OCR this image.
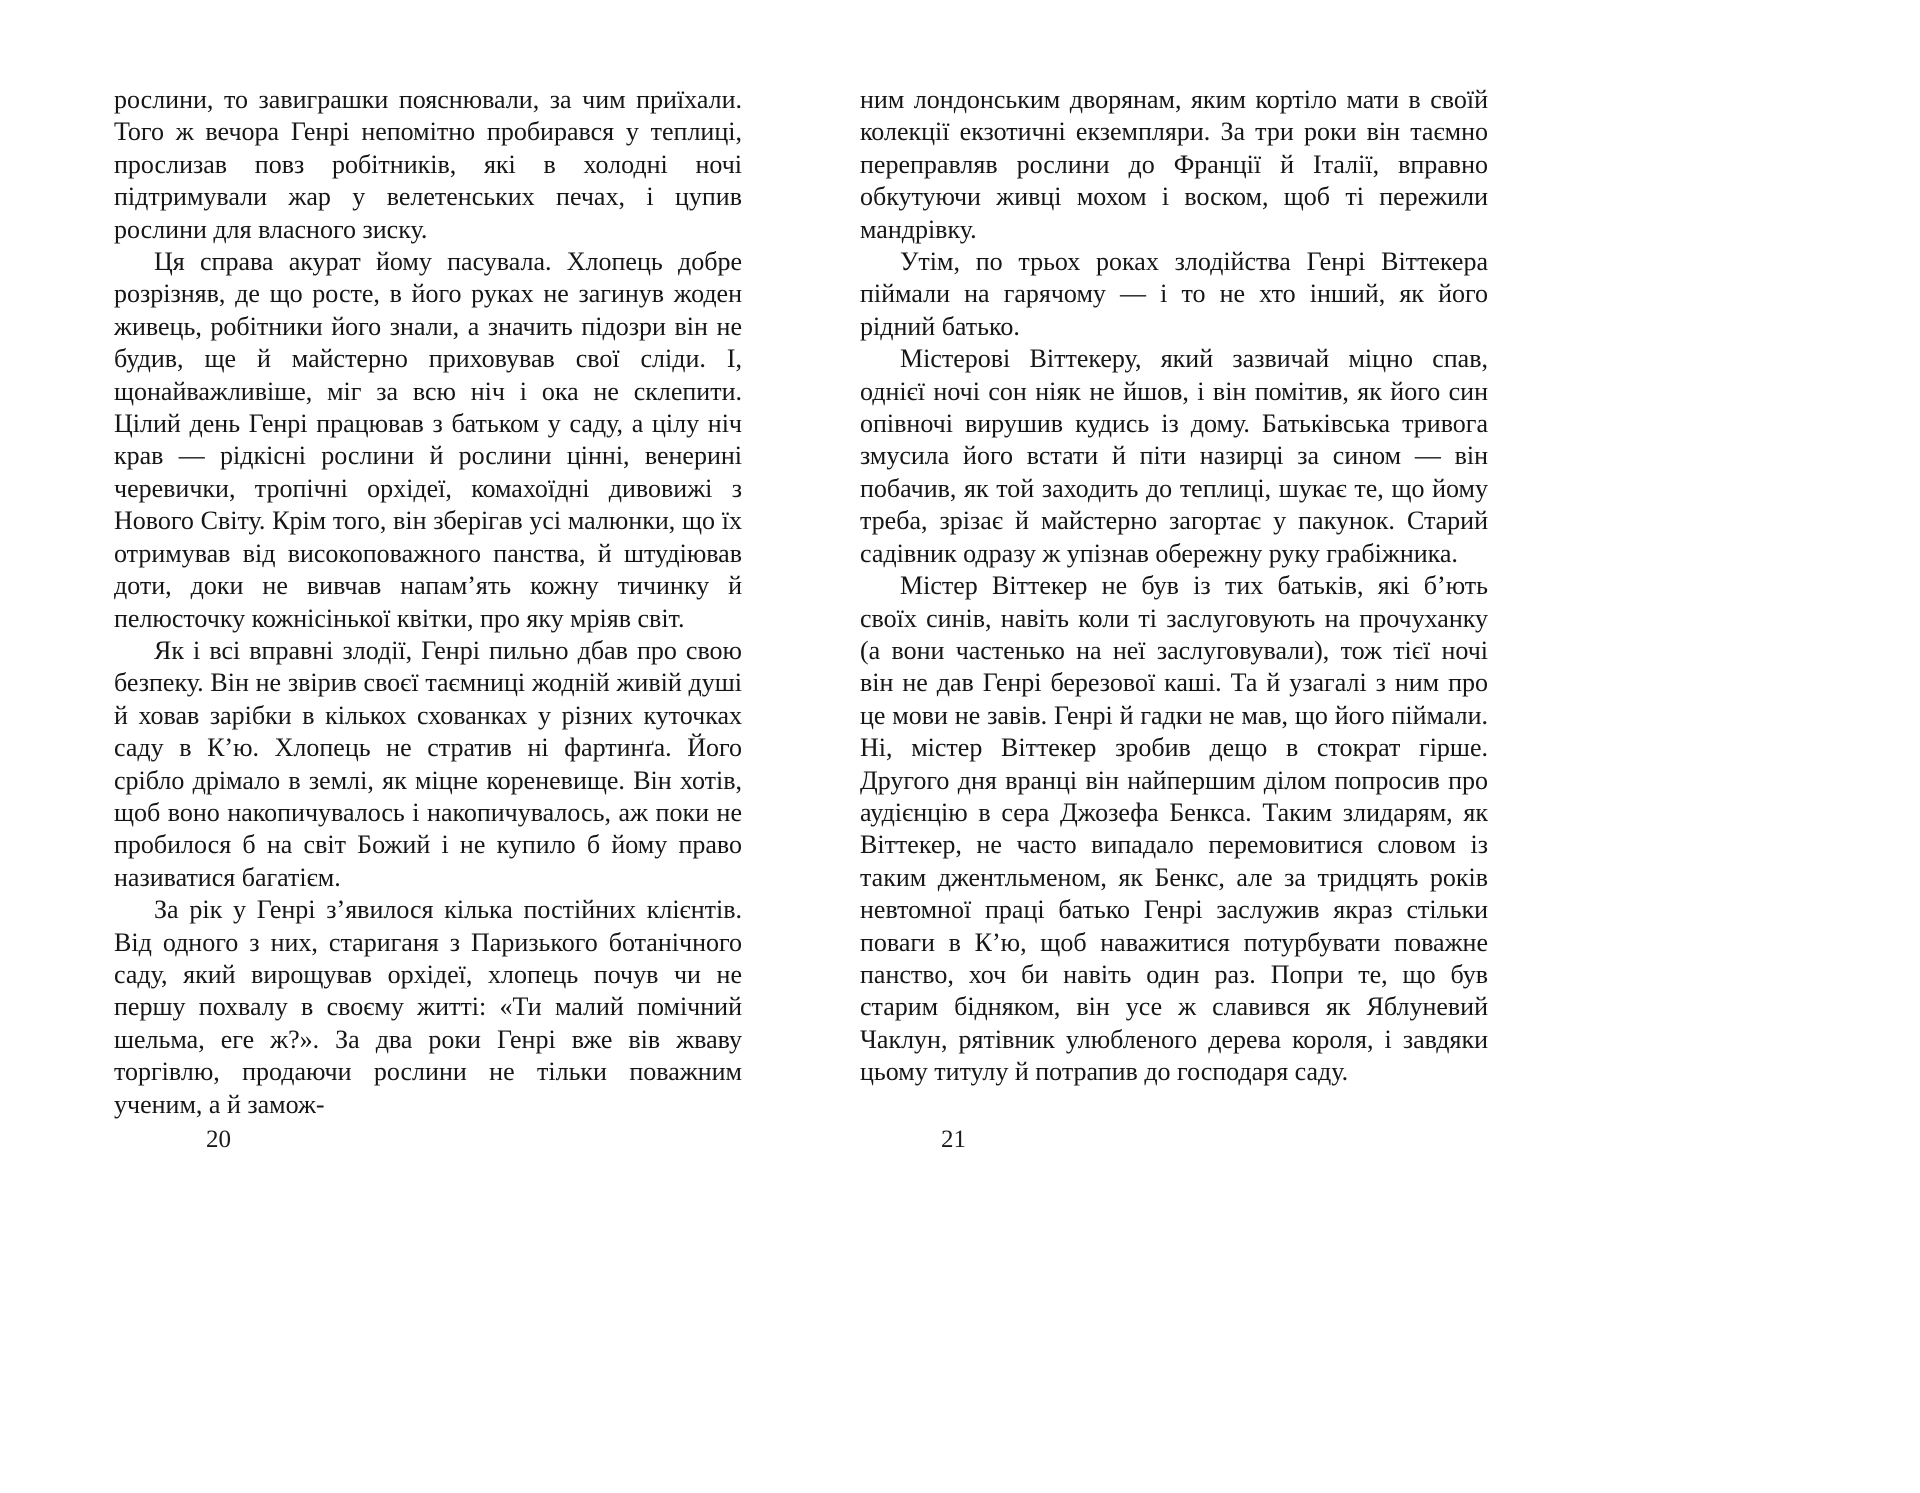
рослини, то завиграшки пояснювали, за чим приїхали. Того ж вечора Генрі непомітно пробирався у теплиці, прослизав повз робітників, які в холодні ночі підтримували жар у велетенських печах, і цупив рослини для власного зиску.

Ця справа акурат йому пасувала. Хлопець добре розрізняв, де що росте, в його руках не загинув жоден живець, робітники його знали, а значить підозри він не будив, ще й майстерно приховував свої сліди. І, щонайважливіше, міг за всю ніч і ока не склепити. Цілий день Генрі працював з батьком у саду, а цілу ніч крав — рідкісні рослини й рослини цінні, венерині черевички, тропічні орхідеї, комахоїдні дивовижі з Нового Світу. Крім того, він зберігав усі малюнки, що їх отримував від високоповажного панства, й штудіював доти, доки не вивчав напам’ять кожну тичинку й пелюсточку кожнісінької квітки, про яку мріяв світ.

Як і всі вправні злодії, Генрі пильно дбав про свою безпеку. Він не звірив своєї таємниці жодній живій душі й ховав зарібки в кількох схованках у різних куточках саду в К’ю. Хлопець не стратив ні фартинґа. Його срібло дрімало в землі, як міцне кореневище. Він хотів, щоб воно накопичувалось і накопичувалось, аж поки не пробилося б на світ Божий і не купило б йому право називатися багатієм.

За рік у Генрі з’явилося кілька постійних клієнтів. Від одного з них, стариганя з Паризького ботанічного саду, який вирощував орхідеї, хлопець почув чи не першу похвалу в своєму житті: «Ти малий помічний шельма, еге ж?». За два роки Генрі вже вів жваву торгівлю, продаючи рослини не тільки поважним ученим, а й замож-

ним лондонським дворянам, яким кортіло мати в своїй колекції екзотичні екземпляри. За три роки він таємно переправляв рослини до Франції й Італії, вправно обкутуючи живці мохом і воском, щоб ті пережили мандрівку.

Утім, по трьох роках злодійства Генрі Віттекера піймали на гарячому — і то не хто інший, як його рідний батько.

Містерові Віттекеру, який зазвичай міцно спав, однієї ночі сон ніяк не йшов, і він помітив, як його син опівночі вирушив кудись із дому. Батьківська тривога змусила його встати й піти назирці за сином — він побачив, як той заходить до теплиці, шукає те, що йому треба, зрізає й майстерно загортає у пакунок. Старий садівник одразу ж упізнав обережну руку грабіжника.

Містер Віттекер не був із тих батьків, які б’ють своїх синів, навіть коли ті заслуговують на прочуханку (а вони частенько на неї заслуговували), тож тієї ночі він не дав Генрі березової каші. Та й узагалі з ним про це мови не завів. Генрі й гадки не мав, що його піймали. Ні, містер Віттекер зробив дещо в стократ гірше. Другого дня вранці він найпершим ділом попросив про аудієнцію в сера Джозефа Бенкса. Таким злидарям, як Віттекер, не часто випадало перемовитися словом із таким джентльменом, як Бенкс, але за тридцять років невтомної праці батько Генрі заслужив якраз стільки поваги в К’ю, щоб наважитися потурбувати поважне панство, хоч би навіть один раз. Попри те, що був старим бідняком, він усе ж славився як Яблуневий Чаклун, рятівник улюбленого дерева короля, і завдяки цьому титулу й потрапив до господаря саду.

20	21
